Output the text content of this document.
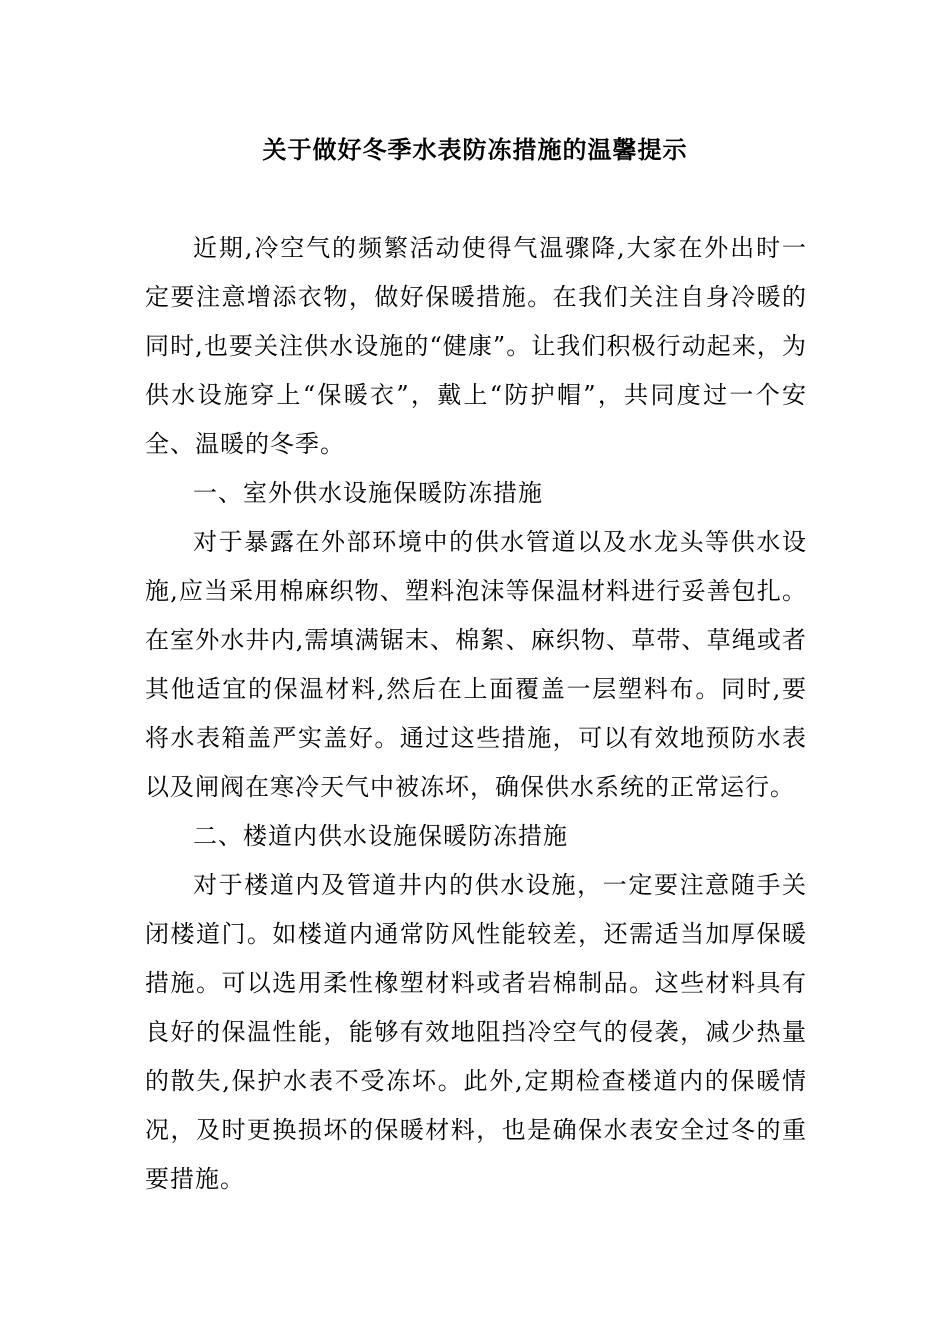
关于做好冬季水表防冻措施的温馨提示

近期,冷空气的频繁活动使得气温骤降,大家在外出时一定要注意增添衣物，做好保暖措施。在我们关注自身冷暖的同时,也要关注供水设施的“健康”。让我们积极行动起来，为供水设施穿上“保暖衣”，戴上“防护帽”，共同度过一个安全、温暖的冬季。

一、室外供水设施保暖防冻措施

对于暴露在外部环境中的供水管道以及水龙头等供水设施,应当采用棉麻织物、塑料泡沫等保温材料进行妥善包扎。在室外水井内,需填满锯末、棉絮、麻织物、草带、草绳或者其他适宜的保温材料,然后在上面覆盖一层塑料布。同时,要将水表箱盖严实盖好。通过这些措施，可以有效地预防水表以及闸阀在寒冷天气中被冻坏，确保供水系统的正常运行。

二、楼道内供水设施保暖防冻措施

对于楼道内及管道井内的供水设施，一定要注意随手关闭楼道门。如楼道内通常防风性能较差，还需适当加厚保暖措施。可以选用柔性橡塑材料或者岩棉制品。这些材料具有良好的保温性能，能够有效地阻挡冷空气的侵袭，减少热量的散失,保护水表不受冻坏。此外,定期检查楼道内的保暖情况，及时更换损坏的保暖材料，也是确保水表安全过冬的重要措施。
